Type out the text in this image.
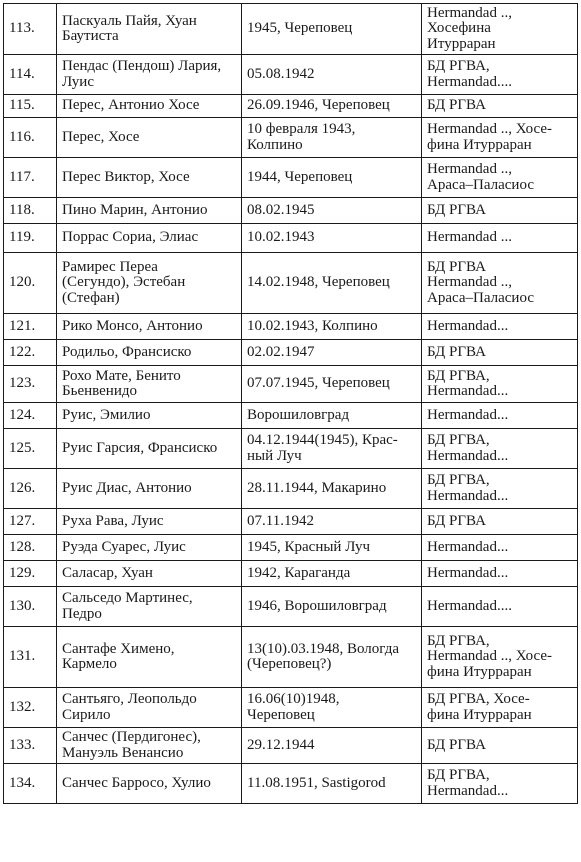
113.	Паскуаль Пайя, Хуан
Баутиста	1945, Череповец	Hermandad ..,
Хосефина
Итурраран
114.	Пендас (Пендош) Лария,
Луис	05.08.1942	БД РГВА,
Hermandad....
115.	Перес, Антонио Хосе	26.09.1946, Череповец	БД РГВА
116.	Перес, Хосе	10 февраля 1943,
Колпино	Hermandad .., Хосе-
фина Итурраран
117.	Перес Виктор, Хосе	1944, Череповец	Hermandad ..,
Араса–Паласиос
118.	Пино Марин, Антонио	08.02.1945	БД РГВА
119.	Поррас Сориа, Элиас	10.02.1943	Hermandad ...
120.	Рамирес Переа
(Сегундо), Эстебан
(Стефан)	14.02.1948, Череповец	БД РГВА
Hermandad ..,
Араса–Паласиос
121.	Рико Монсо, Антонио	10.02.1943, Колпино	Hermandad...
122.	Родильо, Франсиско	02.02.1947	БД РГВА
123.	Рохо Мате, Бенито
Бьенвенидо	07.07.1945, Череповец	БД РГВА,
Hermandad...
124.	Руис, Эмилио	Ворошиловград	Hermandad...
125.	Руис Гарсия, Франсиско	04.12.1944(1945), Крас-
ный Луч	БД РГВА,
Hermandad...
126.	Руис Диас, Антонио	28.11.1944, Макарино	БД РГВА,
Hermandad...
127.	Руха Рава, Луис	07.11.1942	БД РГВА
128.	Руэда Суарес, Луис	1945, Красный Луч	Hermandad...
129.	Саласар, Хуан	1942, Караганда	Hermandad...
130.	Сальседо Мартинес,
Педро	1946, Ворошиловград	Hermandad....
131.	Сантафе Химено,
Кармело	13(10).03.1948, Вологда
(Череповец?)	БД РГВА,
Hermandad .., Хосе-
фина Итурраран
132.	Сантьяго, Леопольдо
Сирило	16.06(10)1948,
Череповец	БД РГВА, Хосе-
фина Итурраран
133.	Санчес (Пердигонес),
Мануэль Венансио	29.12.1944	БД РГВА
134.	Санчес Барросо, Хулио	11.08.1951, Sastigorod	БД РГВА,
Hermandad...
